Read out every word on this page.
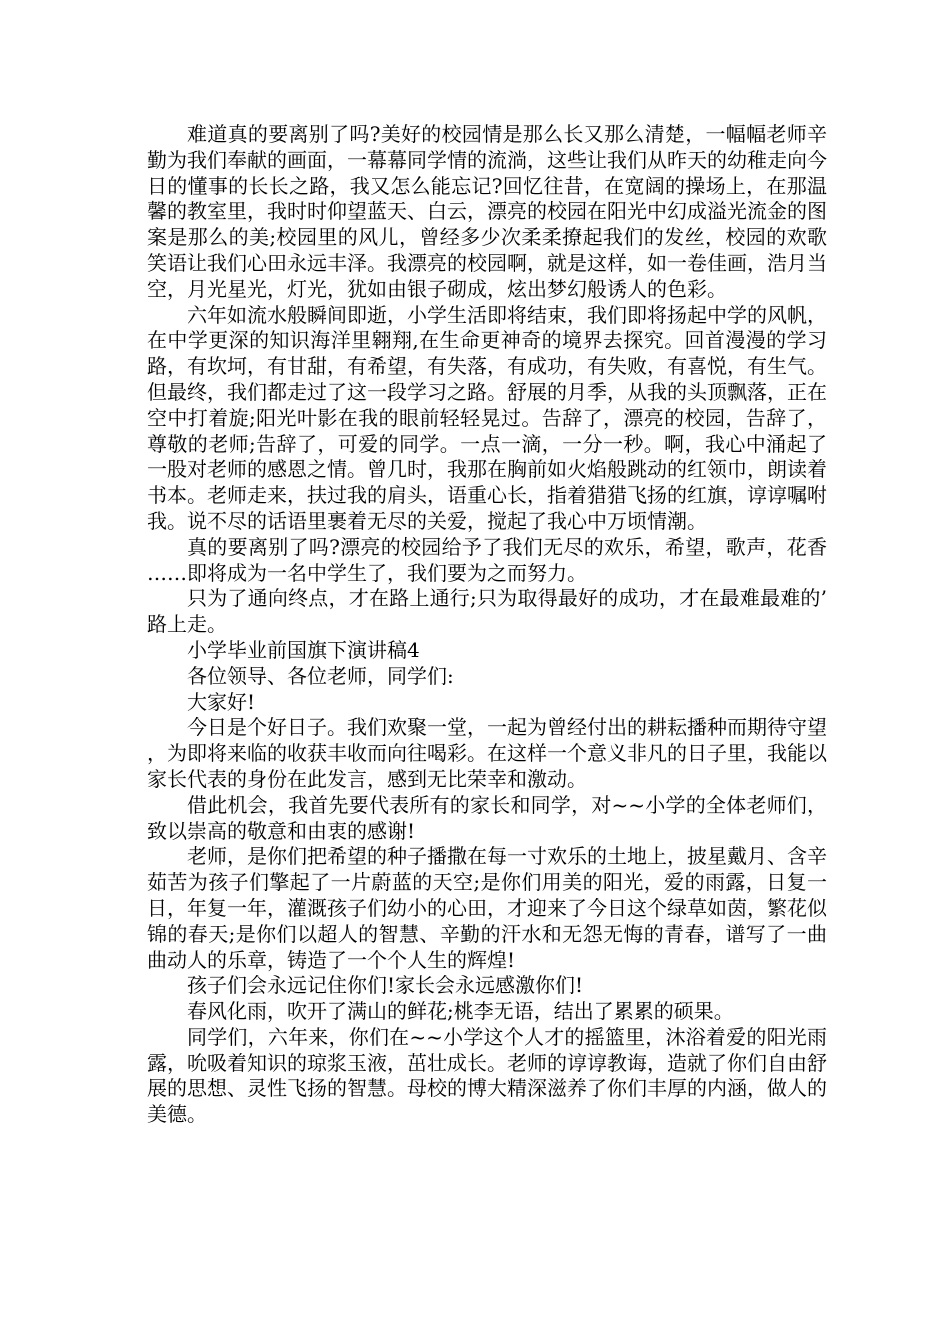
难道真的要离别了吗?美好的校园情是那么长又那么清楚，一幅幅老师辛勤为我们奉献的画面，一幕幕同学情的流淌，这些让我们从昨天的幼稚走向今日的懂事的长长之路，我又怎么能忘记?回忆往昔，在宽阔的操场上，在那温馨的教室里，我时时仰望蓝天、白云，漂亮的校园在阳光中幻成溢光流金的图案是那么的美;校园里的风儿，曾经多少次柔柔撩起我们的发丝，校园的欢歌笑语让我们心田永远丰泽。我漂亮的校园啊，就是这样，如一卷佳画，浩月当空，月光星光，灯光，犹如由银子砌成，炫出梦幻般诱人的色彩。

六年如流水般瞬间即逝，小学生活即将结束，我们即将扬起中学的风帆，在中学更深的知识海洋里翱翔,在生命更神奇的境界去探究。回首漫漫的学习路，有坎坷，有甘甜，有希望，有失落，有成功，有失败，有喜悦，有生气。但最终，我们都走过了这一段学习之路。舒展的月季，从我的头顶飘落，正在空中打着旋;阳光叶影在我的眼前轻轻晃过。告辞了，漂亮的校园，告辞了，尊敬的老师;告辞了，可爱的同学。一点一滴，一分一秒。啊，我心中涌起了一股对老师的感恩之情。曾几时，我那在胸前如火焰般跳动的红领巾，朗读着书本。老师走来，扶过我的肩头，语重心长，指着猎猎飞扬的红旗，谆谆嘱咐我。说不尽的话语里裹着无尽的关爱，搅起了我心中万顷情潮。

真的要离别了吗?漂亮的校园给予了我们无尽的欢乐，希望，歌声，花香……即将成为一名中学生了，我们要为之而努力。

只为了通向终点，才在路上通行;只为取得最好的成功，才在最难最难的’路上走。

小学毕业前国旗下演讲稿4

各位领导、各位老师，同学们:

大家好!

今日是个好日子。我们欢聚一堂，一起为曾经付出的耕耘播种而期待守望，为即将来临的收获丰收而向往喝彩。在这样一个意义非凡的日子里，我能以家长代表的身份在此发言，感到无比荣幸和激动。

借此机会，我首先要代表所有的家长和同学，对~~小学的全体老师们，致以崇高的敬意和由衷的感谢!

老师，是你们把希望的种子播撒在每一寸欢乐的土地上，披星戴月、含辛茹苦为孩子们擎起了一片蔚蓝的天空;是你们用美的阳光，爱的雨露，日复一日，年复一年，灌溉孩子们幼小的心田，才迎来了今日这个绿草如茵，繁花似锦的春天;是你们以超人的智慧、辛勤的汗水和无怨无悔的青春，谱写了一曲曲动人的乐章，铸造了一个个人生的辉煌!

孩子们会永远记住你们!家长会永远感激你们!

春风化雨，吹开了满山的鲜花;桃李无语，结出了累累的硕果。

同学们，六年来，你们在~~小学这个人才的摇篮里，沐浴着爱的阳光雨露，吮吸着知识的琼浆玉液，茁壮成长。老师的谆谆教诲，造就了你们自由舒展的思想、灵性飞扬的智慧。母校的博大精深滋养了你们丰厚的内涵，做人的美德。
